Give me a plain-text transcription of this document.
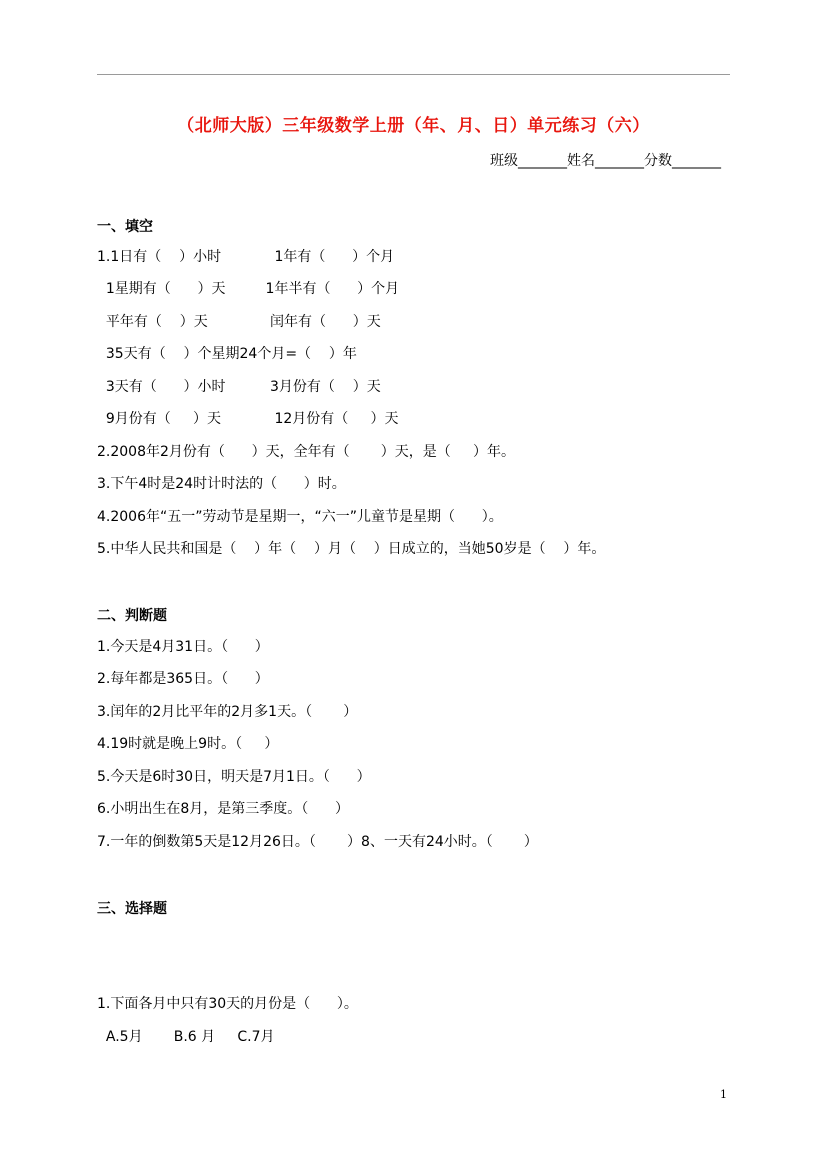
（北师大版）三年级数学上册（年、月、日）单元练习（六）
班级_______姓名_______分数_______
一、填空
1.1日有（    ）小时            1年有（      ）个月
1星期有（      ）天         1年半有（      ）个月
平年有（    ）天              闰年有（      ）天
35天有（    ）个星期24个月=（    ）年
3天有（      ）小时          3月份有（    ）天
9月份有（     ）天            12月份有（     ）天
2.2008年2月份有（      ）天，全年有（       ）天，是（     ）年。
3.下午4时是24时计时法的（      ）时。
4.2006年“五一”劳动节是星期一，“六一”儿童节是星期（      ）。
5.中华人民共和国是（    ）年（    ）月（    ）日成立的，当她50岁是（    ）年。
二、判断题
1.今天是4月31日。（      ）
2.每年都是365日。（      ）
3.闰年的2月比平年的2月多1天。（       ）
4.19时就是晚上9时。（     ）
5.今天是6时30日，明天是7月1日。（      ）
6.小明出生在8月，是第三季度。（      ）
7.一年的倒数第5天是12月26日。（       ）8、一天有24小时。（       ）
三、选择题
1.下面各月中只有30天的月份是（      ）。
A.5月       B.6 月     C.7月
1
